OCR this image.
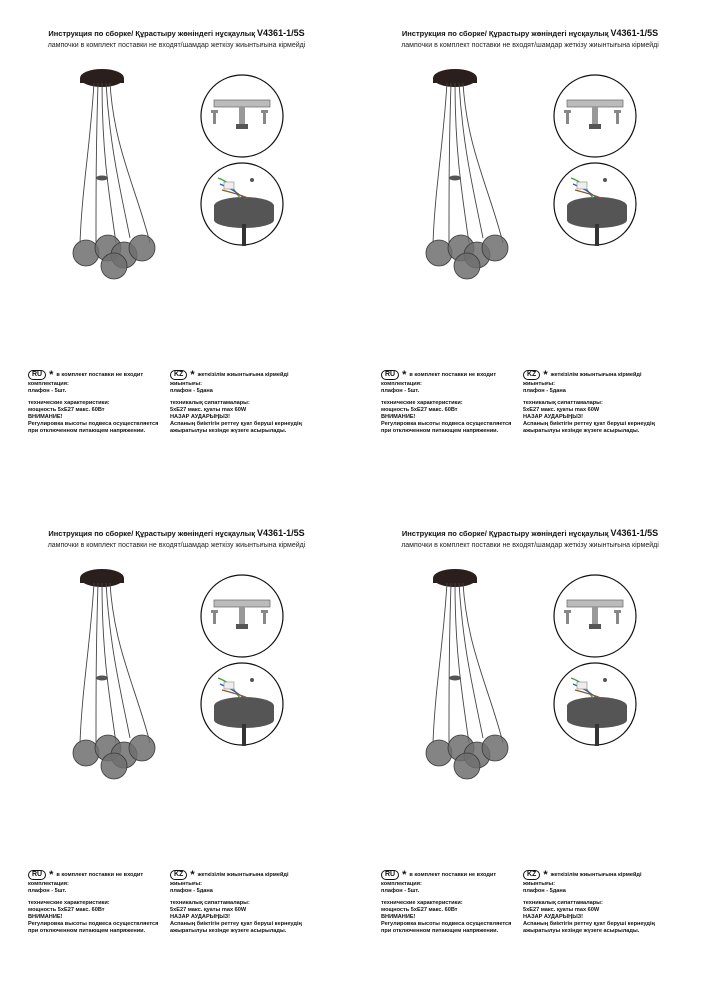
Инструкция по сборке/ Құрастыру жөніндегі нұсқаулық V4361-1/5S
лампочки в комплект поставки не входят/шамдар жеткізу жиынтығына кірмейді
RU * в комплект поставки не входит
комплектация:
плафон - 5шт.
технические характеристики:
мощность 5хЕ27 макс. 60Вт
ВНИМАНИЕ!
Регулировка высоты подвеса осуществляется
при отключенном питающем напряжении.
KZ * жеткізілім жиынтығына кірмейді
жиынтығы:
плафон - 5дана
техникалық сипаттамалары:
5хЕ27 макс. қуаты max 60W
НАЗАР АУДАРЫҢЫЗ!
Аспаның биіктігін реттеу қуат беруші кернеудің
ажыратылуы кезінде жүзеге асырылады.
Инструкция по сборке/ Құрастыру жөніндегі нұсқаулық V4361-1/5S
лампочки в комплект поставки не входят/шамдар жеткізу жиынтығына кірмейді
RU * в комплект поставки не входит
комплектация:
плафон - 5шт.
технические характеристики:
мощность 5хЕ27 макс. 60Вт
ВНИМАНИЕ!
Регулировка высоты подвеса осуществляется
при отключенном питающем напряжении.
KZ * жеткізілім жиынтығына кірмейді
жиынтығы:
плафон - 5дана
техникалық сипаттамалары:
5хЕ27 макс. қуаты max 60W
НАЗАР АУДАРЫҢЫЗ!
Аспаның биіктігін реттеу қуат беруші кернеудің
ажыратылуы кезінде жүзеге асырылады.
Инструкция по сборке/ Құрастыру жөніндегі нұсқаулық V4361-1/5S
лампочки в комплект поставки не входят/шамдар жеткізу жиынтығына кірмейді
RU * в комплект поставки не входит
комплектация:
плафон - 5шт.
технические характеристики:
мощность 5хЕ27 макс. 60Вт
ВНИМАНИЕ!
Регулировка высоты подвеса осуществляется
при отключенном питающем напряжении.
KZ * жеткізілім жиынтығына кірмейді
жиынтығы:
плафон - 5дана
техникалық сипаттамалары:
5хЕ27 макс. қуаты max 60W
НАЗАР АУДАРЫҢЫЗ!
Аспаның биіктігін реттеу қуат беруші кернеудің
ажыратылуы кезінде жүзеге асырылады.
Инструкция по сборке/ Құрастыру жөніндегі нұсқаулық V4361-1/5S
лампочки в комплект поставки не входят/шамдар жеткізу жиынтығына кірмейді
RU * в комплект поставки не входит
комплектация:
плафон - 5шт.
технические характеристики:
мощность 5хЕ27 макс. 60Вт
ВНИМАНИЕ!
Регулировка высоты подвеса осуществляется
при отключенном питающем напряжении.
KZ * жеткізілім жиынтығына кірмейді
жиынтығы:
плафон - 5дана
техникалық сипаттамалары:
5хЕ27 макс. қуаты max 60W
НАЗАР АУДАРЫҢЫЗ!
Аспаның биіктігін реттеу қуат беруші кернеудің
ажыратылуы кезінде жүзеге асырылады.
